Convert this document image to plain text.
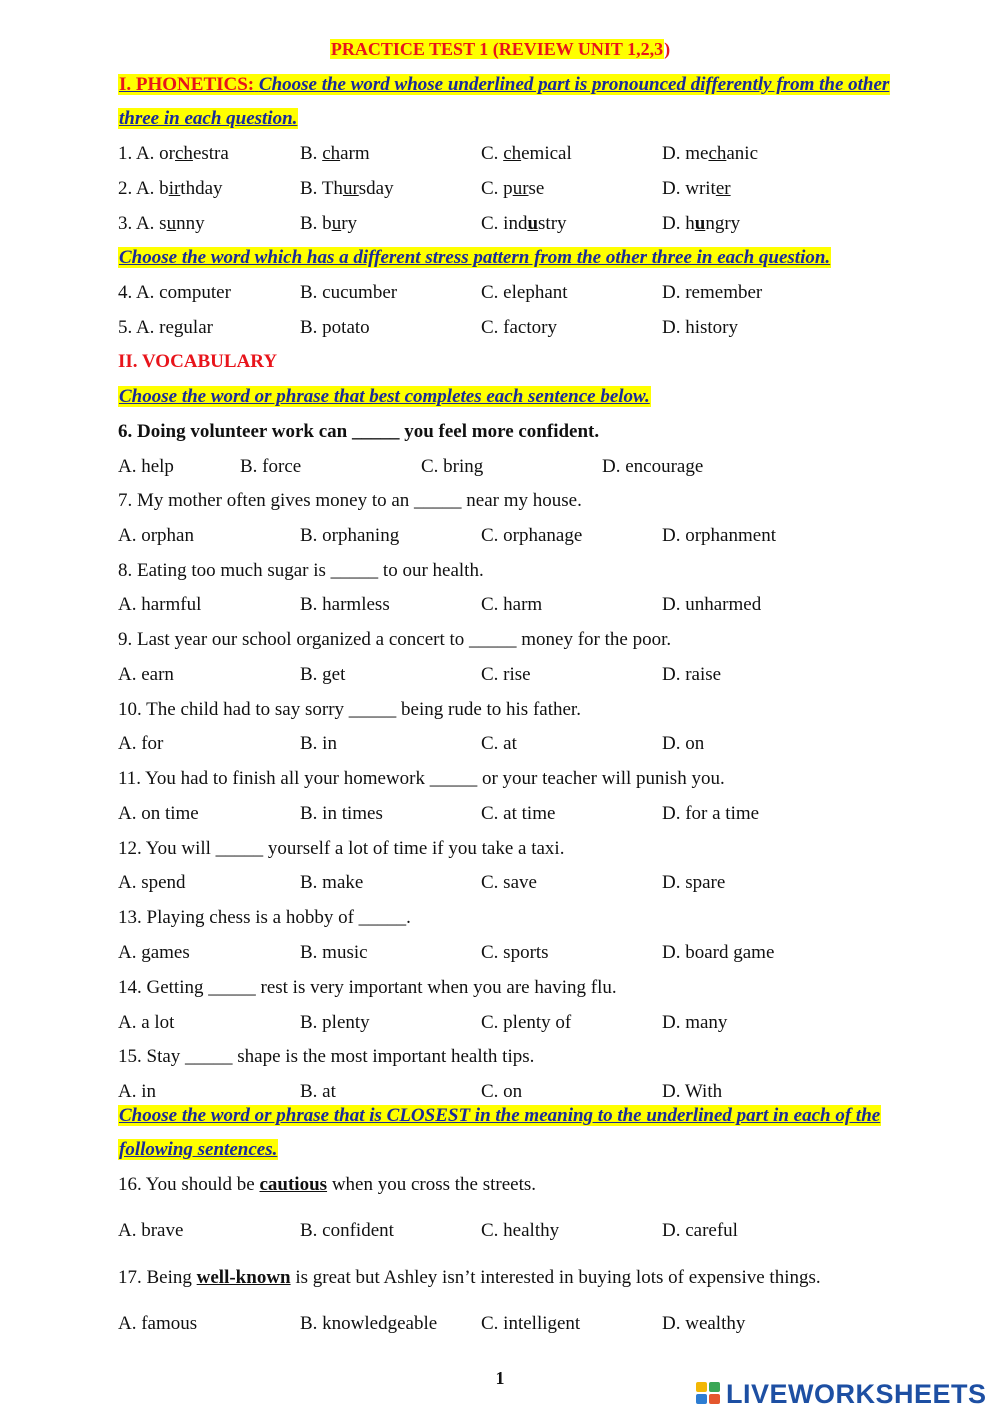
PRACTICE TEST 1 (REVIEW UNIT 1,2,3)
I. PHONETICS: Choose the word whose underlined part is pronounced differently from the other
three in each question.
1. A. orchestra	B. charm	C. chemical	D. mechanic
2. A. birthday	B. Thursday	C. purse	D. writer
3. A. sunny	B. bury	C. industry	D. hungry
Choose the word which has a different stress pattern from the other three in each question.
4. A. computer	B. cucumber	C. elephant	D. remember
5. A. regular	B. potato	C. factory	D. history
II. VOCABULARY
Choose the word or phrase that best completes each sentence below.
6. Doing volunteer work can _____ you feel more confident.
A. help	B. force	C. bring	D. encourage
7. My mother often gives money to an _____ near my house.
A. orphan	B. orphaning	C. orphanage	D. orphanment
8. Eating too much sugar is _____ to our health.
A. harmful	B. harmless	C. harm	D. unharmed
9. Last year our school organized a concert to _____ money for the poor.
A. earn	B. get	C. rise	D. raise
10. The child had to say sorry _____ being rude to his father.
A. for	B. in	C. at	D. on
11. You had to finish all your homework _____ or your teacher will punish you.
A. on time	B. in times	C. at time	D. for a time
12. You will _____ yourself a lot of time if you take a taxi.
A. spend	B. make	C. save	D. spare
13. Playing chess is a hobby of _____.
A. games	B. music	C. sports	D. board game
14. Getting _____ rest is very important when you are having flu.
A. a lot	B. plenty	C. plenty of	D. many
15. Stay _____ shape is the most important health tips.
A. in	B. at	C. on	D. With
Choose the word or phrase that is CLOSEST in the meaning to the underlined part in each of the
following sentences.
16. You should be cautious when you cross the streets.
A. brave	B. confident	C. healthy	D. careful
17. Being well-known is great but Ashley isn’t interested in buying lots of expensive things.
A. famous	B. knowledgeable C. intelligent	D. wealthy
1
LIVEWORKSHEETS
